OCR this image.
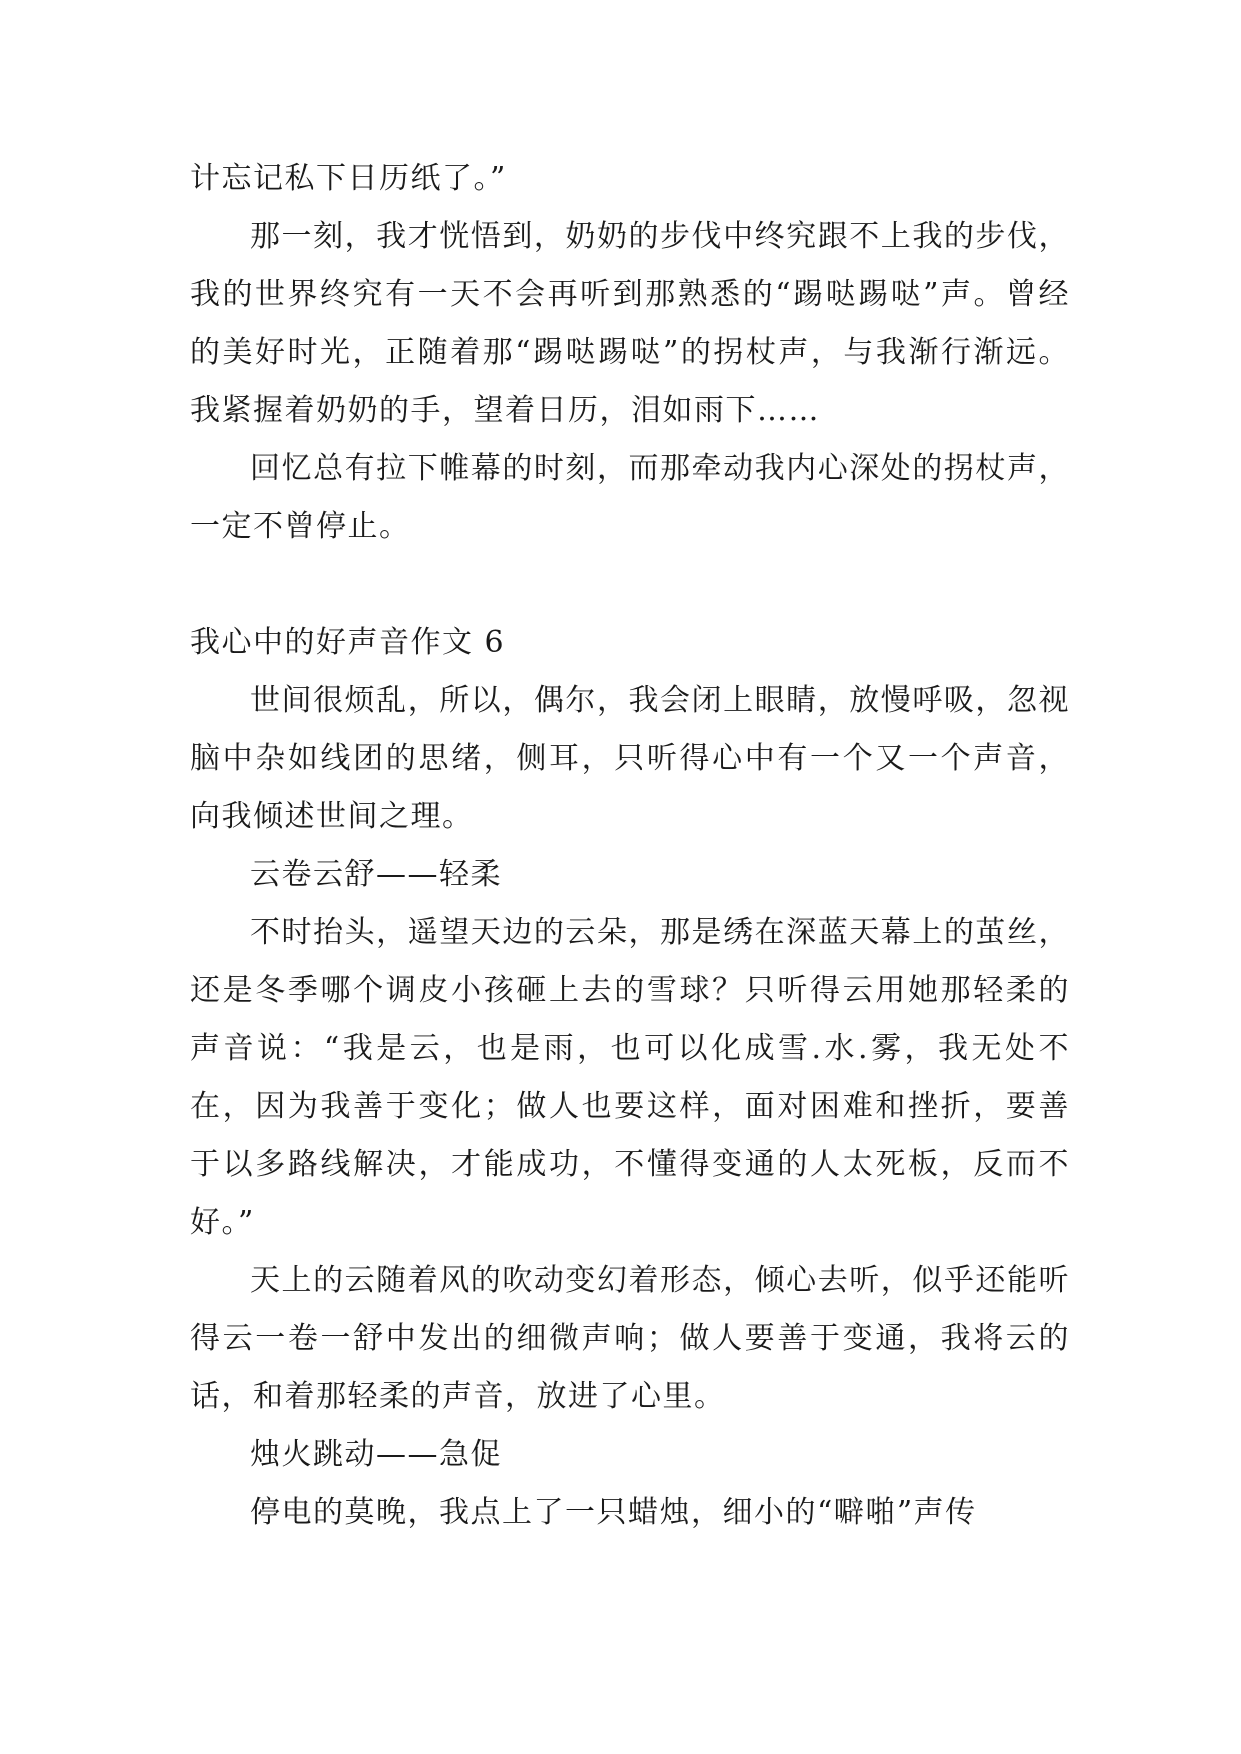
计忘记私下日历纸了。”

那一刻，我才恍悟到，奶奶的步伐中终究跟不上我的步伐，我的世界终究有一天不会再听到那熟悉的“踢哒踢哒”声。曾经的美好时光，正随着那“踢哒踢哒”的拐杖声，与我渐行渐远。我紧握着奶奶的手，望着日历，泪如雨下……

回忆总有拉下帷幕的时刻，而那牵动我内心深处的拐杖声，一定不曾停止。

我心中的好声音作文 6

世间很烦乱，所以，偶尔，我会闭上眼睛，放慢呼吸，忽视脑中杂如线团的思绪，侧耳，只听得心中有一个又一个声音，向我倾述世间之理。

云卷云舒——轻柔

不时抬头，遥望天边的云朵，那是绣在深蓝天幕上的茧丝，还是冬季哪个调皮小孩砸上去的雪球？只听得云用她那轻柔的声音说：“我是云，也是雨，也可以化成雪.水.雾，我无处不在，因为我善于变化；做人也要这样，面对困难和挫折，要善于以多路线解决，才能成功，不懂得变通的人太死板，反而不好。”

天上的云随着风的吹动变幻着形态，倾心去听，似乎还能听得云一卷一舒中发出的细微声响；做人要善于变通，我将云的话，和着那轻柔的声音，放进了心里。

烛火跳动——急促

停电的莫晚，我点上了一只蜡烛，细小的“噼啪”声传
